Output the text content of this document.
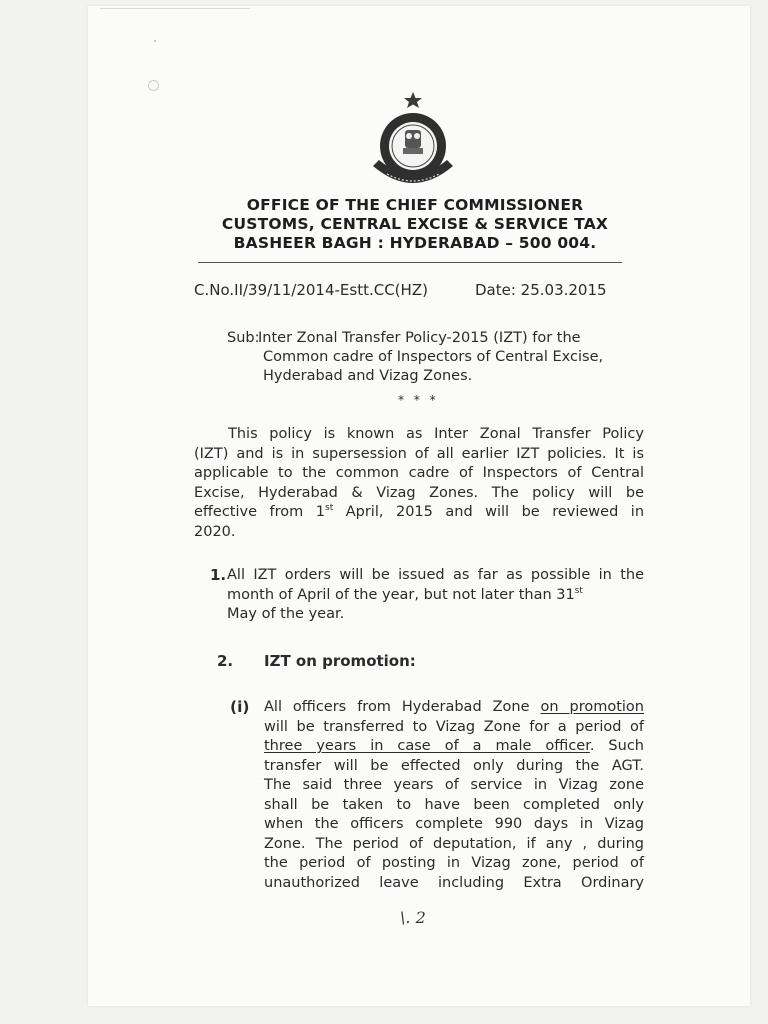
OFFICE OF THE CHIEF COMMISSIONER
CUSTOMS, CENTRAL EXCISE & SERVICE TAX
BASHEER BAGH : HYDERABAD – 500 004.
C.No.II/39/11/2014-Estt.CC(HZ)	Date: 25.03.2015
Sub:
Inter Zonal Transfer Policy-2015 (IZT) for the
Common cadre of Inspectors of Central Excise,
Hyderabad and Vizag Zones.
* * *
This policy is known as Inter Zonal Transfer Policy
(IZT) and is in supersession of all earlier IZT policies. It is
applicable to the common cadre of Inspectors of Central
Excise, Hyderabad & Vizag Zones. The policy will be
effective from 1st April, 2015 and will be reviewed in
2020.
1. All IZT orders will be issued as far as possible in the
month of April of the year, but not later than 31st
May of the year.
2. IZT on promotion:
(i) All officers from Hyderabad Zone on promotion
will be transferred to Vizag Zone for a period of
three years in case of a male officer. Such
transfer will be effected only during the AGT.
The said three years of service in Vizag zone
shall be taken to have been completed only
when the officers complete 990 days in Vizag
Zone. The period of deputation, if any , during
the period of posting in Vizag zone, period of
unauthorized leave including Extra Ordinary
\. 2
